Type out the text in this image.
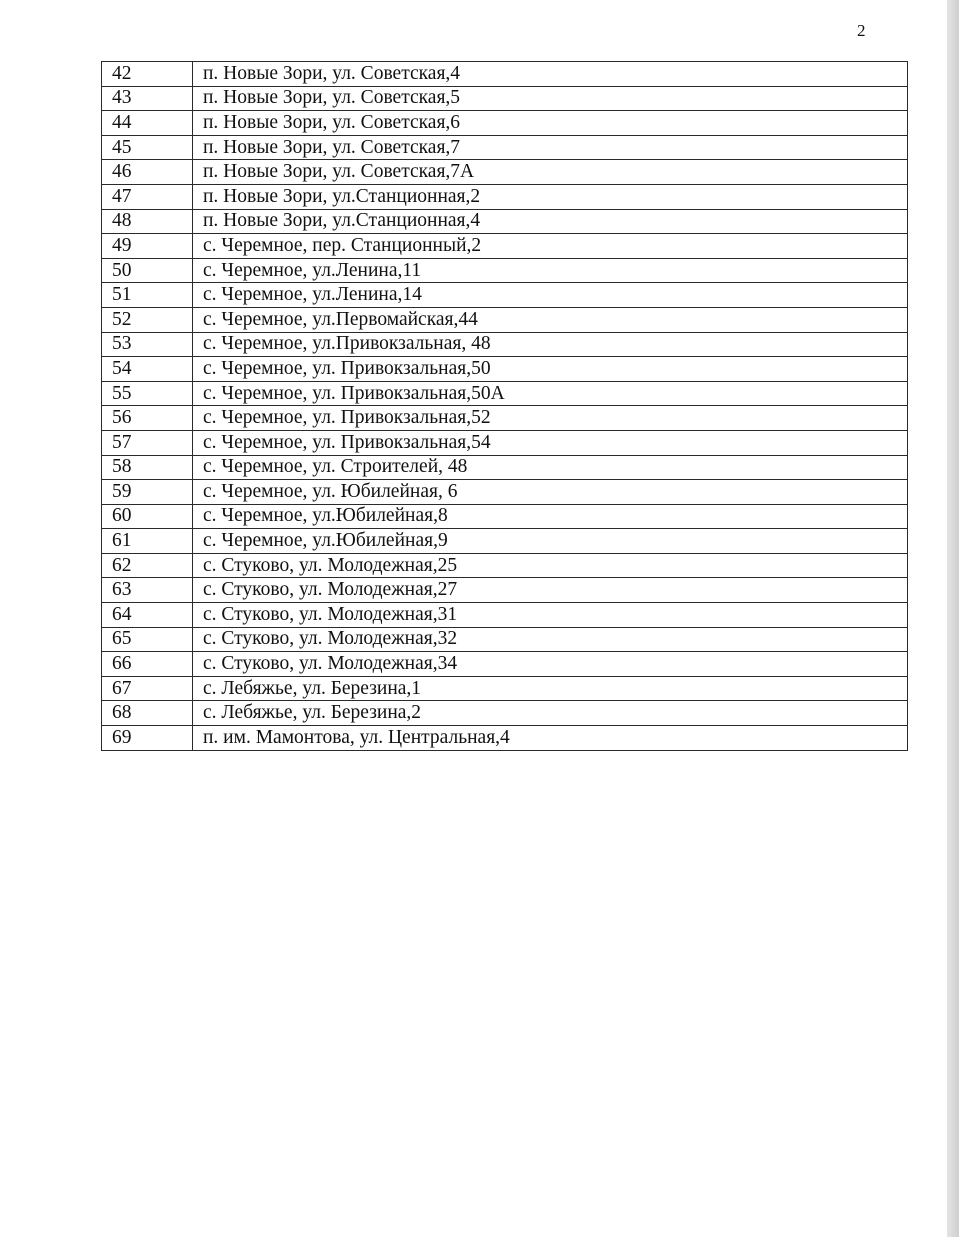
2
42	п. Новые Зори, ул. Советская,4
43	п. Новые Зори, ул. Советская,5
44	п. Новые Зори, ул. Советская,6
45	п. Новые Зори, ул. Советская,7
46	п. Новые Зори, ул. Советская,7А
47	п. Новые Зори, ул.Станционная,2
48	п. Новые Зори, ул.Станционная,4
49	с. Черемное, пер. Станционный,2
50	с. Черемное, ул.Ленина,11
51	с. Черемное, ул.Ленина,14
52	с. Черемное, ул.Первомайская,44
53	с. Черемное, ул.Привокзальная, 48
54	с. Черемное, ул. Привокзальная,50
55	с. Черемное, ул. Привокзальная,50А
56	с. Черемное, ул. Привокзальная,52
57	с. Черемное, ул. Привокзальная,54
58	с. Черемное, ул. Строителей, 48
59	с. Черемное, ул. Юбилейная, 6
60	с. Черемное, ул.Юбилейная,8
61	с. Черемное, ул.Юбилейная,9
62	с. Стуково, ул. Молодежная,25
63	с. Стуково, ул. Молодежная,27
64	с. Стуково, ул. Молодежная,31
65	с. Стуково, ул. Молодежная,32
66	с. Стуково, ул. Молодежная,34
67	с. Лебяжье, ул. Березина,1
68	с. Лебяжье, ул. Березина,2
69	п. им. Мамонтова, ул. Центральная,4
